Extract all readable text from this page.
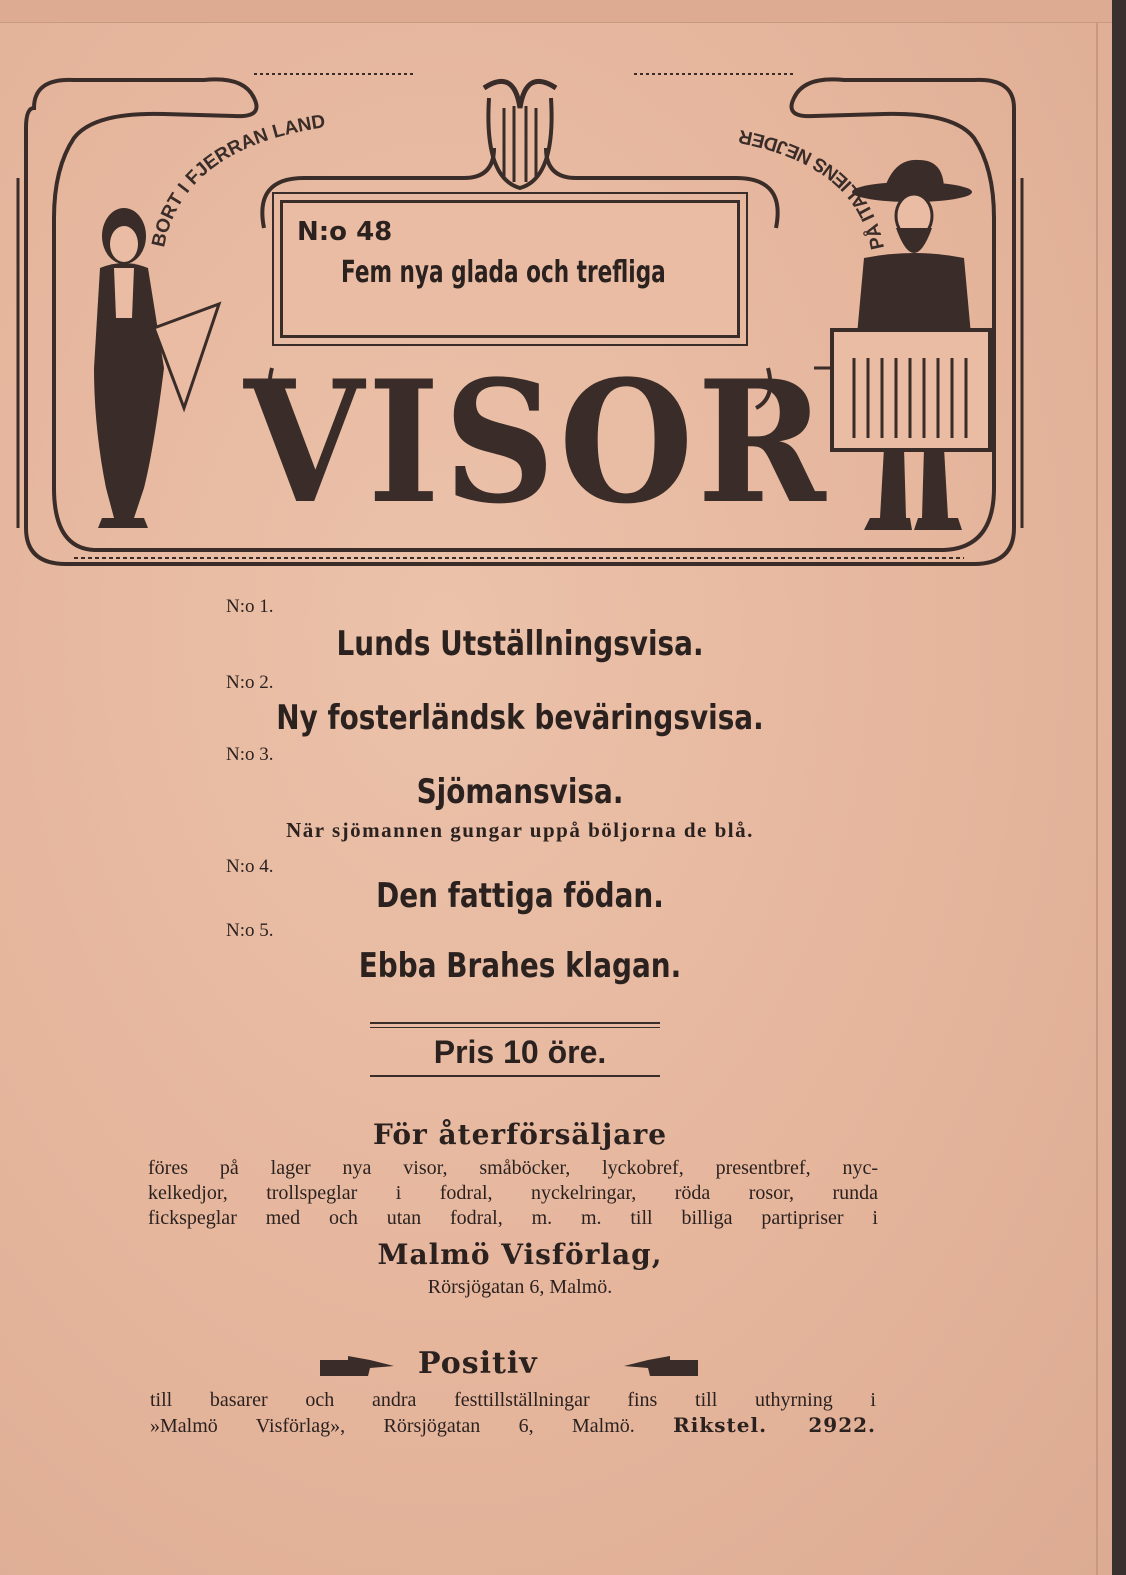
BORT I FJERRAN LAND
PÅ ITALIENS NEJDER
N:o 48
Fem nya glada och trefliga
VISOR
N:o 1.
Lunds Utställningsvisa.
N:o 2.
Ny fosterländsk beväringsvisa.
N:o 3.
Sjömansvisa.
När sjömannen gungar uppå böljorna de blå.
N:o 4.
Den fattiga födan.
N:o 5.
Ebba Brahes klagan.
Pris 10 öre.
För återförsäljare
föres på lager nya visor, småböcker, lyckobref, presentbref, nyc-
kelkedjor, trollspeglar i fodral, nyckelringar, röda rosor, runda
fickspeglar med och utan fodral, m. m. till billiga partipriser i
Malmö Visförlag,
Rörsjögatan 6, Malmö.
Positiv
till basarer och andra festtillställningar fins till uthyrning i
»Malmö Visförlag», Rörsjögatan 6, Malmö. Rikstel. 2922.
